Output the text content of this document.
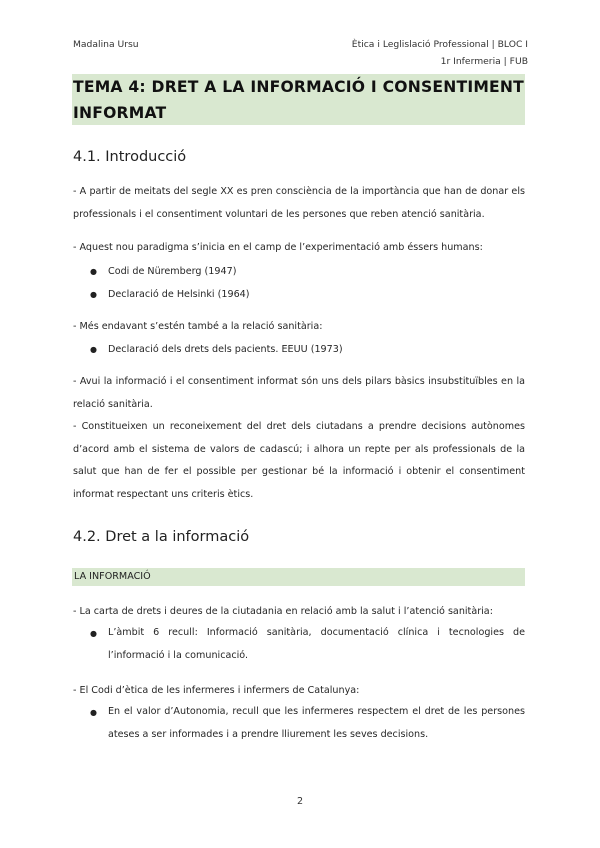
Madalina Ursu	Ètica i Leglislació Professional | BLOC I
1r Infermeria | FUB
TEMA 4: DRET A LA INFORMACIÓ I CONSENTIMENT INFORMAT
4.1. Introducció

- A partir de meitats del segle XX es pren consciència de la importància que han de donar els professionals i el consentiment voluntari de les persones que reben atenció sanitària.

- Aquest nou paradigma s’inicia en el camp de l’experimentació amb éssers humans:
● Codi de Nüremberg (1947)
● Declaració de Helsinki (1964)
- Més endavant s’estén també a la relació sanitària:
● Declaració dels drets dels pacients. EEUU (1973)

- Avui la informació i el consentiment informat són uns dels pilars bàsics insubstituïbles en la relació sanitària.

- Constitueixen un reconeixement del dret dels ciutadans a prendre decisions autònomes d’acord amb el sistema de valors de cadascú; i alhora un repte per als professionals de la salut que han de fer el possible per gestionar bé la informació i obtenir el consentiment informat respectant uns criteris ètics.

4.2. Dret a la informació
LA INFORMACIÓ
- La carta de drets i deures de la ciutadania en relació amb la salut i l’atenció sanitària:
● L’àmbit 6 recull: Informació sanitària, documentació clínica i tecnologies de l’informació i la comunicació.

- El Codi d’ètica de les infermeres i infermers de Catalunya:
● En el valor d’Autonomia, recull que les infermeres respectem el dret de les persones ateses a ser informades i a prendre lliurement les seves decisions.

2
